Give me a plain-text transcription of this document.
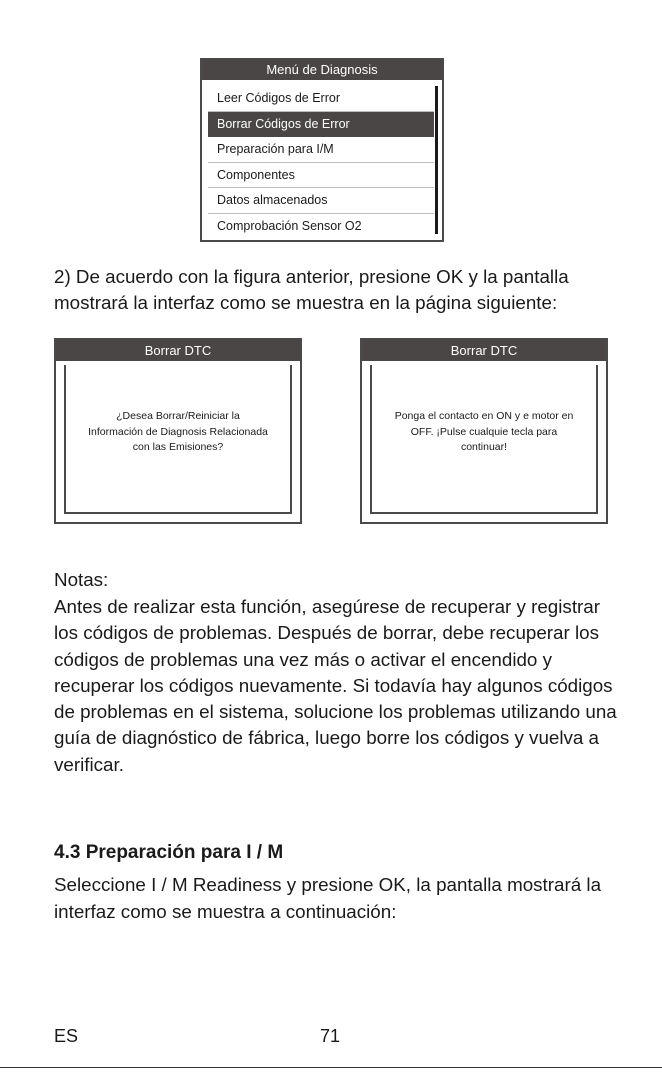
Menú de Diagnosis
Leer Códigos de Error
Borrar Códigos de Error
Preparación para I/M
Componentes
Datos almacenados
Comprobación Sensor O2

2) De acuerdo con la figura anterior, presione OK y la pantalla mostrará la interfaz como se muestra en la página siguiente:

Borrar DTC
¿Desea Borrar/Reiniciar la Información de Diagnosis Relacionada con las Emisiones?
Borrar DTC
Ponga el contacto en ON y e motor en OFF. ¡Pulse cualquie tecla para continuar!

Notas:

Antes de realizar esta función, asegúrese de recuperar y registrar los códigos de problemas. Después de borrar, debe recuperar los códigos de problemas una vez más o activar el encendido y recuperar los códigos nuevamente. Si todavía hay algunos códigos de problemas en el sistema, solucione los problemas utilizando una guía de diagnóstico de fábrica, luego borre los códigos y vuelva a verificar.

4.3 Preparación para I / M

Seleccione I / M Readiness y presione OK, la pantalla mostrará la interfaz como se muestra a continuación:

ES	71
